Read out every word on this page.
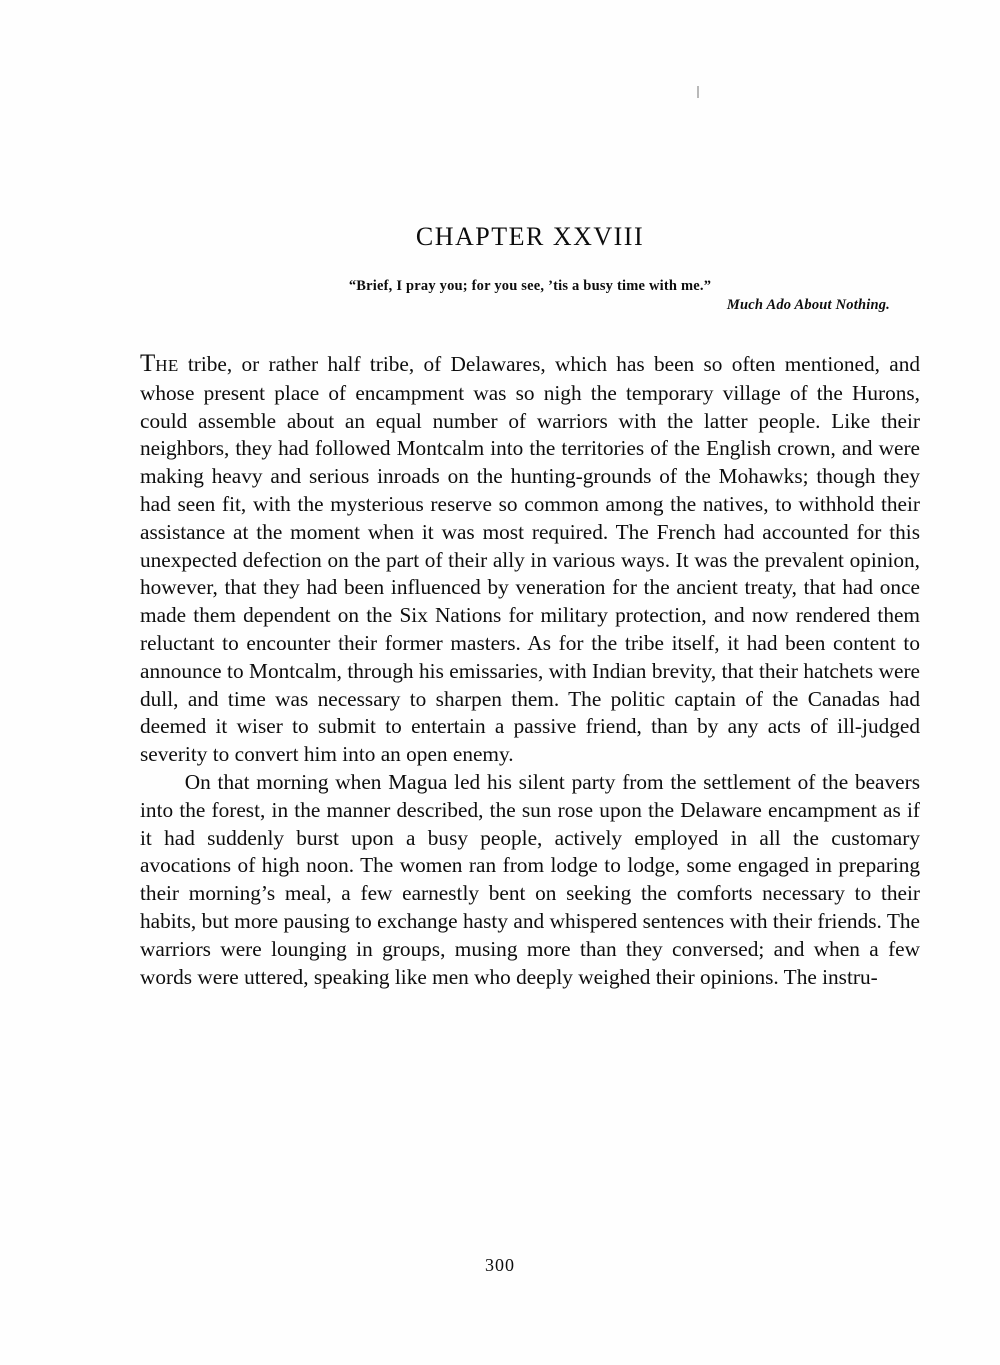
CHAPTER XXVIII
“Brief, I pray you; for you see, ’tis a busy time with me.”
Much Ado About Nothing.

THE tribe, or rather half tribe, of Delawares, which has been so often mentioned, and whose present place of encampment was so nigh the temporary village of the Hurons, could assemble about an equal number of warriors with the latter people. Like their neighbors, they had followed Montcalm into the territories of the English crown, and were making heavy and serious inroads on the hunting-grounds of the Mohawks; though they had seen fit, with the mysterious reserve so common among the natives, to withhold their assistance at the moment when it was most required. The French had accounted for this unexpected defection on the part of their ally in various ways. It was the prevalent opinion, however, that they had been influenced by veneration for the ancient treaty, that had once made them dependent on the Six Nations for military protection, and now rendered them reluctant to encounter their former masters. As for the tribe itself, it had been content to announce to Montcalm, through his emissaries, with Indian brevity, that their hatchets were dull, and time was necessary to sharpen them. The politic captain of the Canadas had deemed it wiser to submit to entertain a passive friend, than by any acts of ill-judged severity to convert him into an open enemy.

On that morning when Magua led his silent party from the settlement of the beavers into the forest, in the manner described, the sun rose upon the Delaware encampment as if it had suddenly burst upon a busy people, actively employed in all the customary avocations of high noon. The women ran from lodge to lodge, some engaged in preparing their morning’s meal, a few earnestly bent on seeking the comforts necessary to their habits, but more pausing to exchange hasty and whispered sentences with their friends. The warriors were lounging in groups, musing more than they conversed; and when a few words were uttered, speaking like men who deeply weighed their opinions. The instru-

300
